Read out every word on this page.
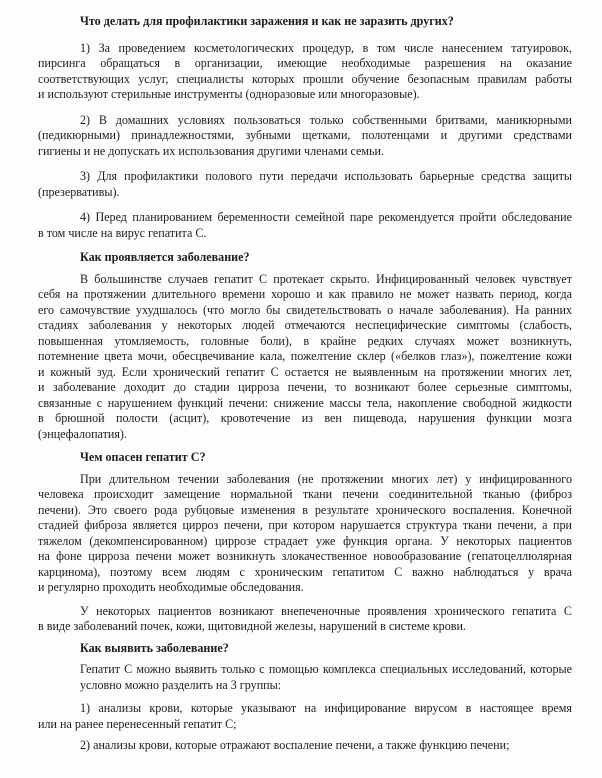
Что делать для профилактики заражения и как не заразить других?
1) За проведением косметологических процедур, в том числе нанесением татуировок,
пирсинга обращаться в организации, имеющие необходимые разрешения на оказание
соответствующих услуг, специалисты которых прошли обучение безопасным правилам работы
и используют стерильные инструменты (одноразовые или многоразовые).
2) В домашних условиях пользоваться только собственными бритвами, маникюрными
(педикюрными) принадлежностями, зубными щетками, полотенцами и другими средствами
гигиены и не допускать их использования другими членами семьи.
3) Для профилактики полового пути передачи использовать барьерные средства защиты
(презервативы).
4) Перед планированием беременности семейной паре рекомендуется пройти обследование
в том числе на вирус гепатита С.
Как проявляется заболевание?
В большинстве случаев гепатит С протекает скрыто. Инфицированный человек чувствует
себя на протяжении длительного времени хорошо и как правило не может назвать период, когда
его самочувствие ухудшалось (что могло бы свидетельствовать о начале заболевания). На ранних
стадиях заболевания у некоторых людей отмечаются неспецифические симптомы (слабость,
повышенная утомляемость, головные боли), в крайне редких случаях может возникнуть,
потемнение цвета мочи, обесцвечивание кала, пожелтение склер («белков глаз»), пожелтение кожи
и кожный зуд. Если хронический гепатит С остается не выявленным на протяжении многих лет,
и заболевание доходит до стадии цирроза печени, то возникают более серьезные симптомы,
связанные с нарушением функций печени: снижение массы тела, накопление свободной жидкости
в брюшной полости (асцит), кровотечение из вен пищевода, нарушения функции мозга
(энцефалопатия).
Чем опасен гепатит С?
При длительном течении заболевания (не протяжении многих лет) у инфицированного
человека происходит замещение нормальной ткани печени соединительной тканью (фиброз
печени). Это своего рода рубцовые изменения в результате хронического воспаления. Конечной
стадией фиброза является цирроз печени, при котором нарушается структура ткани печени, а при
тяжелом (декомпенсированном) циррозе страдает уже функция органа. У некоторых пациентов
на фоне цирроза печени может возникнуть злокачественное новообразование (гепатоцеллюлярная
карцинома), поэтому всем людям с хроническим гепатитом С важно наблюдаться у врача
и регулярно проходить необходимые обследования.
У некоторых пациентов возникают внепеченочные проявления хронического гепатита С
в виде заболеваний почек, кожи, щитовидной железы, нарушений в системе крови.
Как выявить заболевание?
Гепатит С можно выявить только с помощью комплекса специальных исследований, которые
условно можно разделить на 3 группы:
1) анализы крови, которые указывают на инфицирование вирусом в настоящее время
или на ранее перенесенный гепатит С;
2) анализы крови, которые отражают воспаление печени, а также функцию печени;
